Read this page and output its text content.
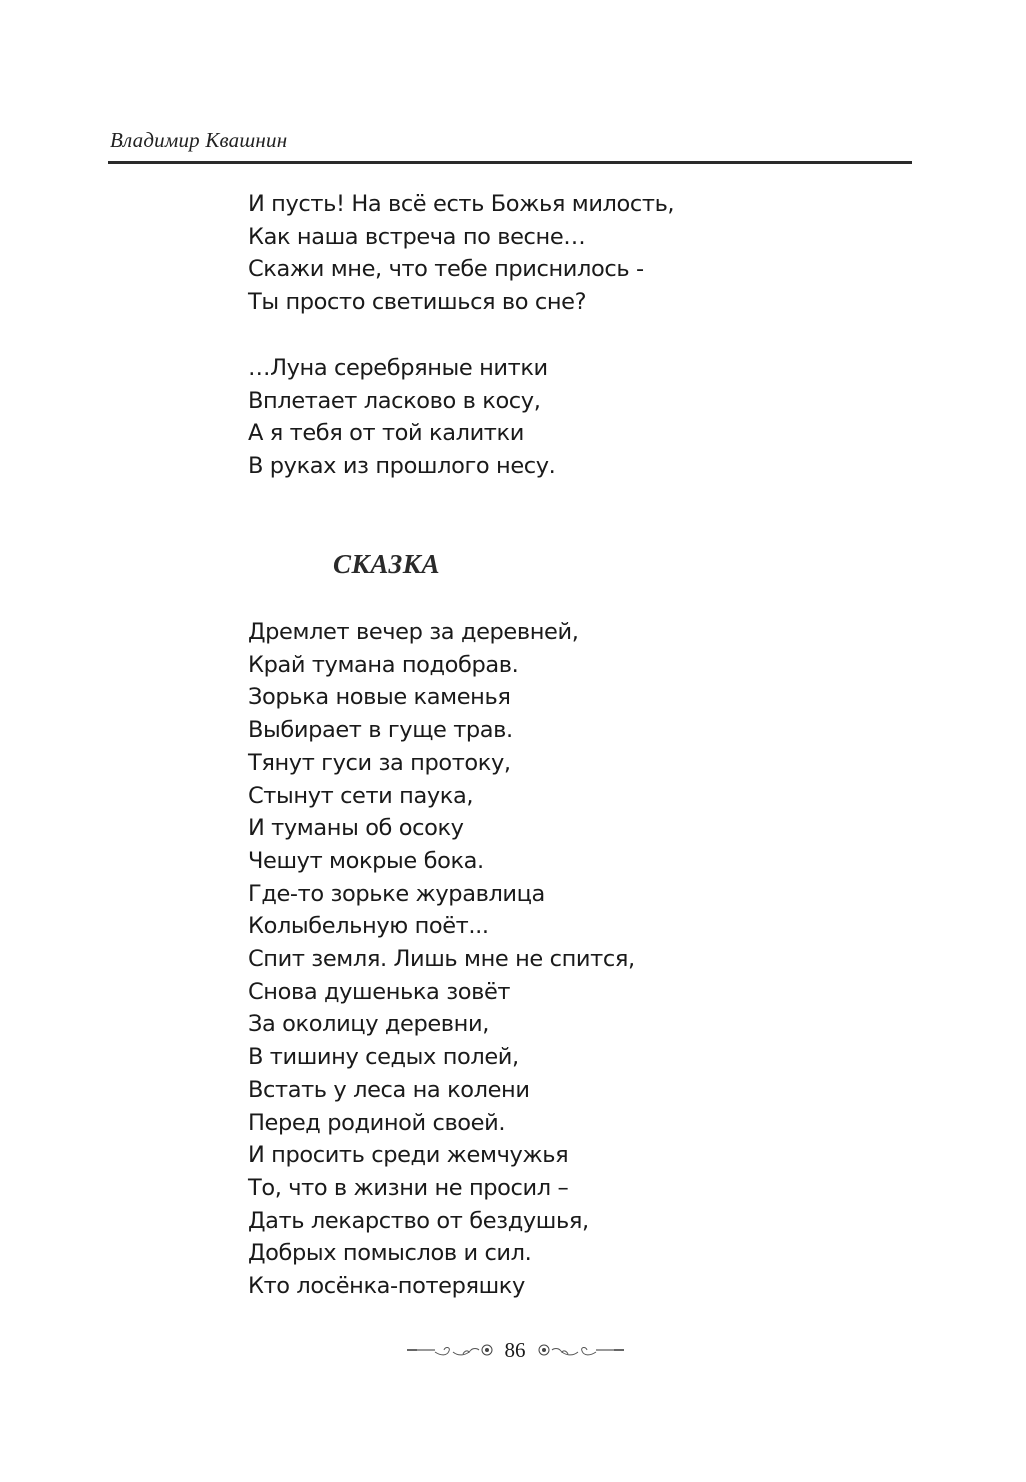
Владимир Квашнин
И пусть! На всё есть Божья милость,
Как наша встреча по весне…
Скажи мне, что тебе приснилось -
Ты просто светишься во сне?
…Луна серебряные нитки
Вплетает ласково в косу,
А я тебя от той калитки
В руках из прошлого несу.
СКАЗКА
Дремлет вечер за деревней,
Край тумана подобрав.
Зорька новые каменья
Выбирает в гуще трав.
Тянут гуси за протоку,
Стынут сети паука,
И туманы об осоку
Чешут мокрые бока.
Где-то зорьке журавлица
Колыбельную поёт...
Спит земля. Лишь мне не спится,
Снова душенька зовёт
За околицу деревни,
В тишину седых полей,
Встать у леса на колени
Перед родиной своей.
И просить среди жемчужья
То, что в жизни не просил –
Дать лекарство от бездушья,
Добрых помыслов и сил.
Кто лосёнка-потеряшку
86
